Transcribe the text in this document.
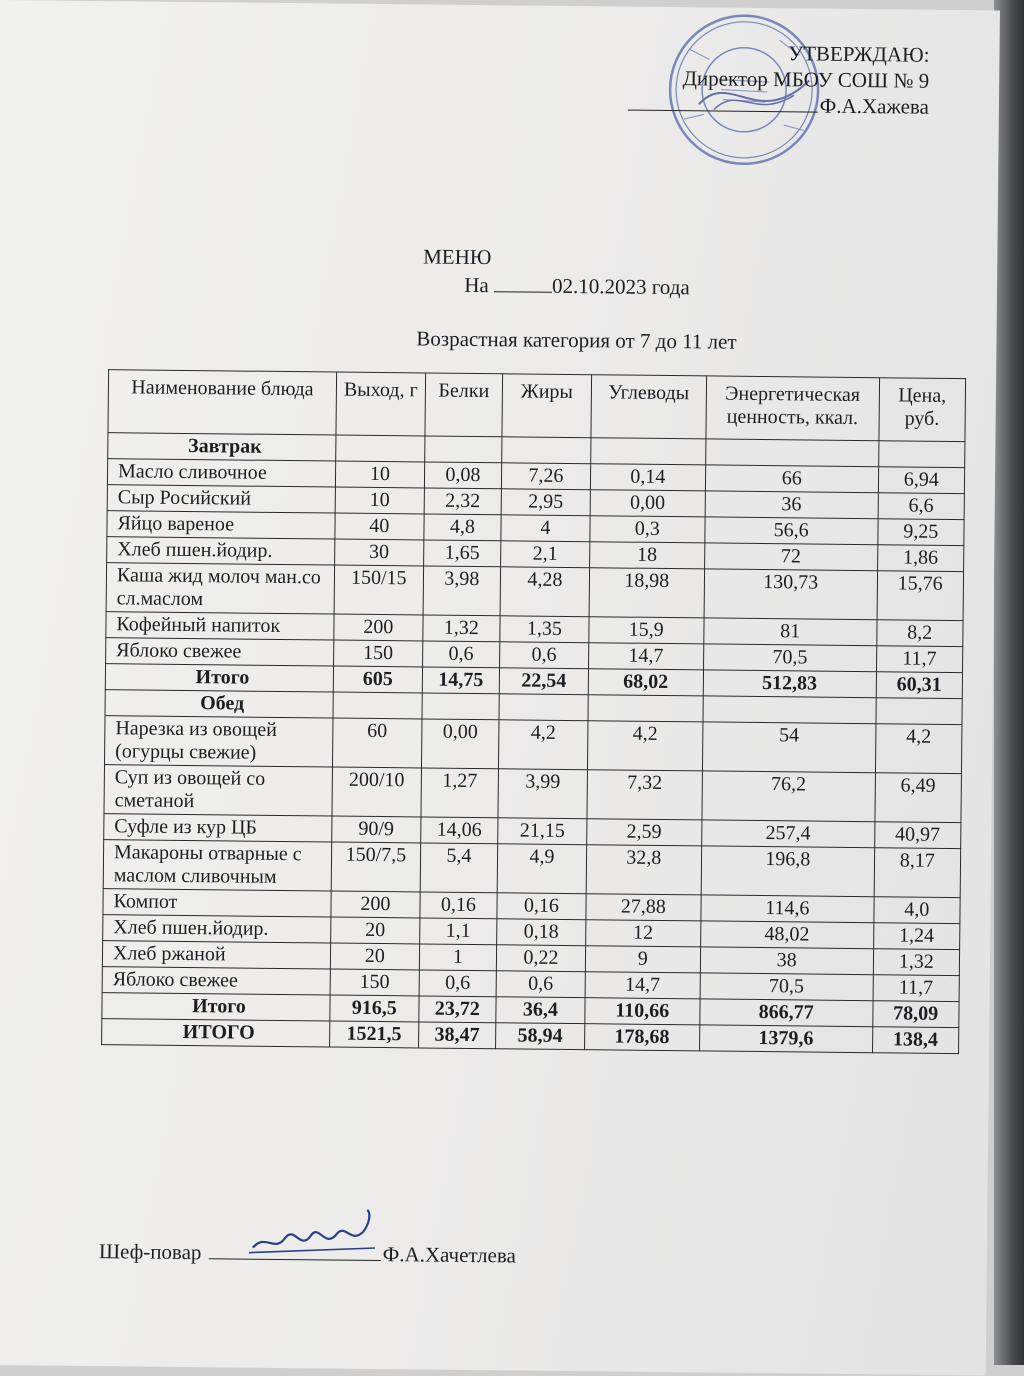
УТВЕРЖДАЮ:
Директор МБОУ СОШ № 9
Ф.А.Хажева
МЕНЮ
На	02.10.2023 года
Возрастная категория от 7 до 11 лет
Наименование блюда	Выход, г	Белки	Жиры	Углеводы	Энергетическая ценность, ккал.	Цена, руб.
Завтрак						
Масло сливочное	10	0,08	7,26	0,14	66	6,94
Сыр Росийский	10	2,32	2,95	0,00	36	6,6
Яйцо вареное	40	4,8	4	0,3	56,6	9,25
Хлеб пшен.йодир.	30	1,65	2,1	18	72	1,86
Каша жид молоч ман.со сл.маслом	150/15	3,98	4,28	18,98	130,73	15,76
Кофейный напиток	200	1,32	1,35	15,9	81	8,2
Яблоко свежее	150	0,6	0,6	14,7	70,5	11,7
Итого	605	14,75	22,54	68,02	512,83	60,31
Обед						
Нарезка из овощей (огурцы свежие)	60	0,00	4,2	4,2	54	4,2
Суп из овощей со сметаной	200/10	1,27	3,99	7,32	76,2	6,49
Суфле из кур ЦБ	90/9	14,06	21,15	2,59	257,4	40,97
Макароны отварные с маслом сливочным	150/7,5	5,4	4,9	32,8	196,8	8,17
Компот	200	0,16	0,16	27,88	114,6	4,0
Хлеб пшен.йодир.	20	1,1	0,18	12	48,02	1,24
Хлеб ржаной	20	1	0,22	9	38	1,32
Яблоко свежее	150	0,6	0,6	14,7	70,5	11,7
Итого	916,5	23,72	36,4	110,66	866,77	78,09
ИТОГО	1521,5	38,47	58,94	178,68	1379,6	138,4
Шеф-повар	Ф.А.Хачетлева
